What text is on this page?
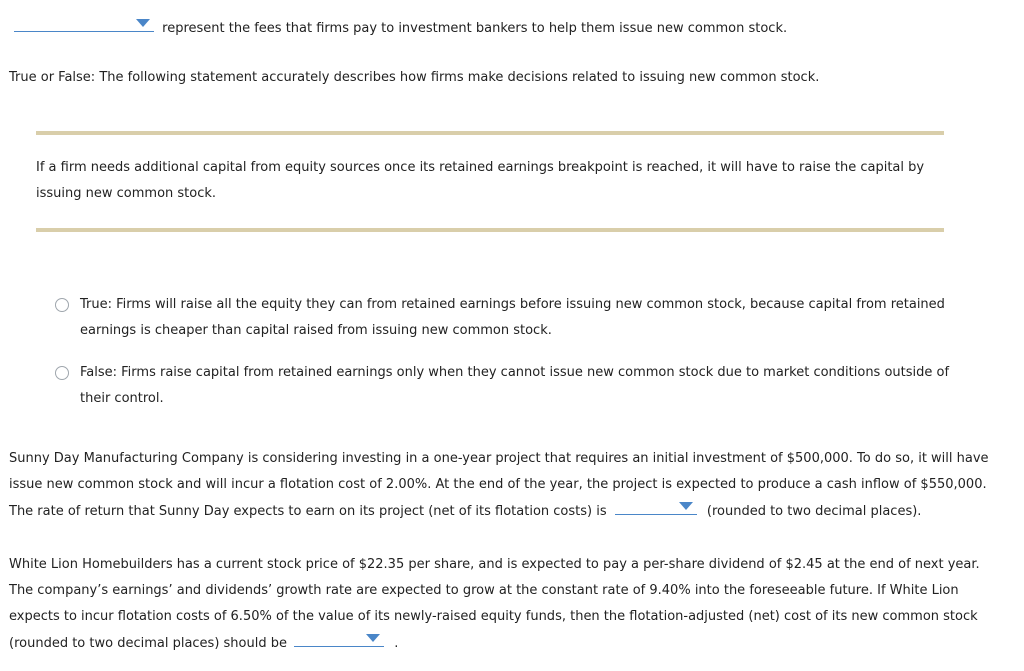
represent the fees that firms pay to investment bankers to help them issue new common stock.
True or False: The following statement accurately describes how firms make decisions related to issuing new common stock.

If a firm needs additional capital from equity sources once its retained earnings breakpoint is reached, it will have to raise the capital by

issuing new common stock.

True: Firms will raise all the equity they can from retained earnings before issuing new common stock, because capital from retained

earnings is cheaper than capital raised from issuing new common stock.

False: Firms raise capital from retained earnings only when they cannot issue new common stock due to market conditions outside of

their control.

Sunny Day Manufacturing Company is considering investing in a one-year project that requires an initial investment of $500,000. To do so, it will have

issue new common stock and will incur a flotation cost of 2.00%. At the end of the year, the project is expected to produce a cash inflow of $550,000.

The rate of return that Sunny Day expects to earn on its project (net of its flotation costs) is	(rounded to two decimal places).

White Lion Homebuilders has a current stock price of $22.35 per share, and is expected to pay a per-share dividend of $2.45 at the end of next year.

The company’s earnings’ and dividends’ growth rate are expected to grow at the constant rate of 9.40% into the foreseeable future. If White Lion

expects to incur flotation costs of 6.50% of the value of its newly-raised equity funds, then the flotation-adjusted (net) cost of its new common stock

(rounded to two decimal places) should be	.
